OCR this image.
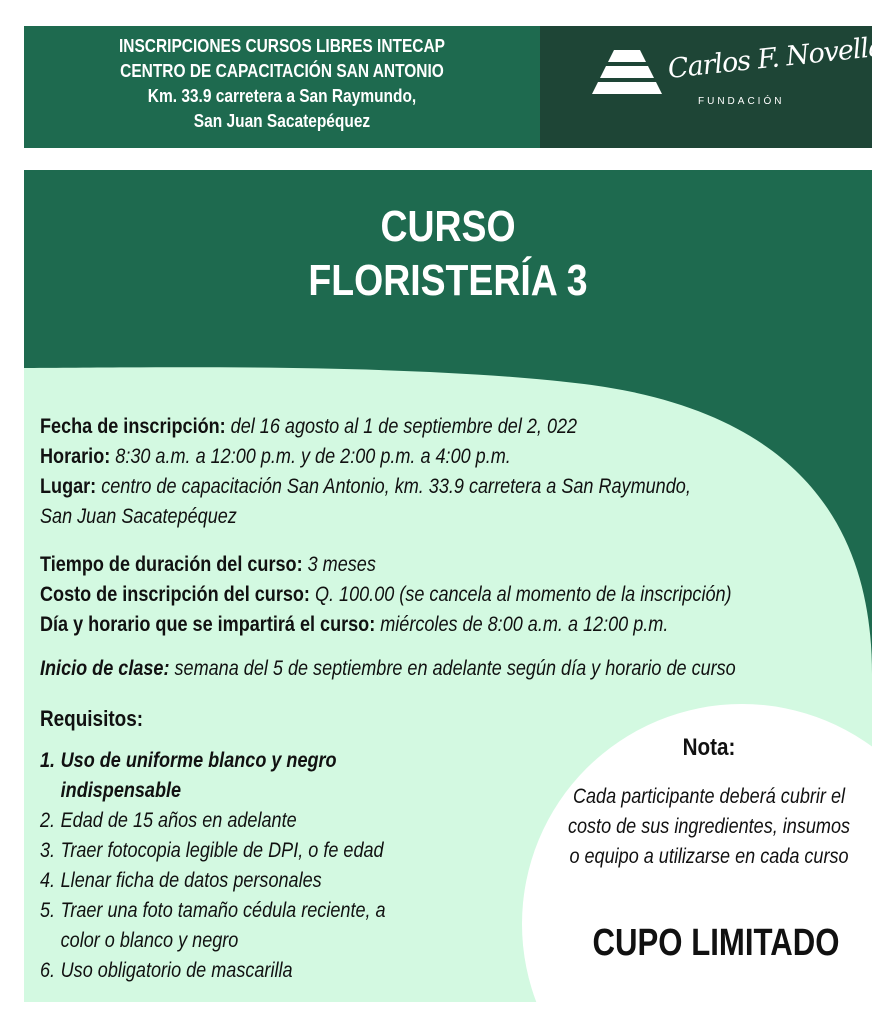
INSCRIPCIONES CURSOS LIBRES INTECAP
CENTRO DE CAPACITACIÓN SAN ANTONIO
Km. 33.9 carretera a San Raymundo,
San Juan Sacatepéquez
Carlos F. Novella
FUNDACIÓN
CURSO
FLORISTERÍA 3
Fecha de inscripción: del 16 agosto al 1 de septiembre del 2, 022
Horario: 8:30 a.m. a 12:00 p.m. y de 2:00 p.m. a 4:00 p.m.
Lugar: centro de capacitación San Antonio, km. 33.9 carretera a San Raymundo,
San Juan Sacatepéquez
Tiempo de duración del curso: 3 meses
Costo de inscripción del curso: Q. 100.00 (se cancela al momento de la inscripción)
Día y horario que se impartirá el curso: miércoles de 8:00 a.m. a 12:00 p.m.
Inicio de clase: semana del 5 de septiembre en adelante según día y horario de curso
Nota:
Cada participante deberá cubrir el costo de sus ingredientes, insumos o equipo a utilizarse en cada curso
CUPO LIMITADO
Requisitos:
1. Uso de uniforme blanco y negro
indispensable
2. Edad de 15 años en adelante
3. Traer fotocopia legible de DPI, o fe edad
4. Llenar ficha de datos personales
5. Traer una foto tamaño cédula reciente, a
color o blanco y negro
6. Uso obligatorio de mascarilla
